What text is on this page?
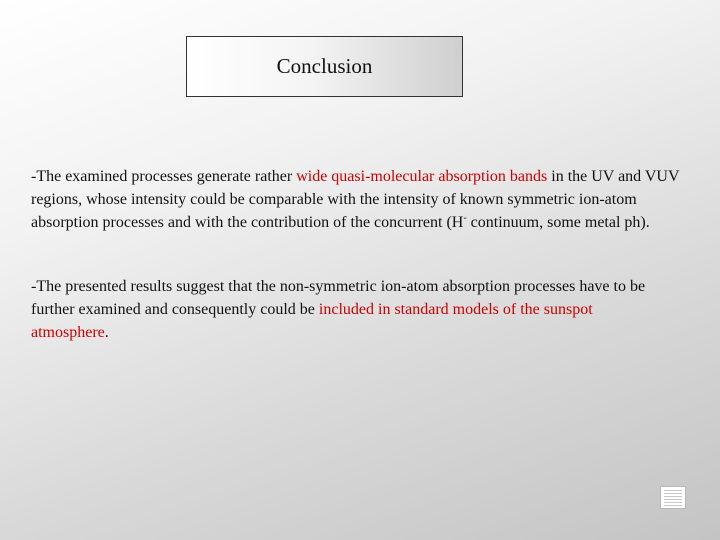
Conclusion

-The examined processes generate rather wide quasi-molecular absorption bands in the UV and VUV regions, whose intensity could be comparable with the intensity of known symmetric ion-atom absorption processes and with the contribution of the concurrent (H- continuum, some metal ph).

-The presented results suggest that the non-symmetric ion-atom absorption processes have to be further examined and consequently could be included in standard models of the sunspot atmosphere.
